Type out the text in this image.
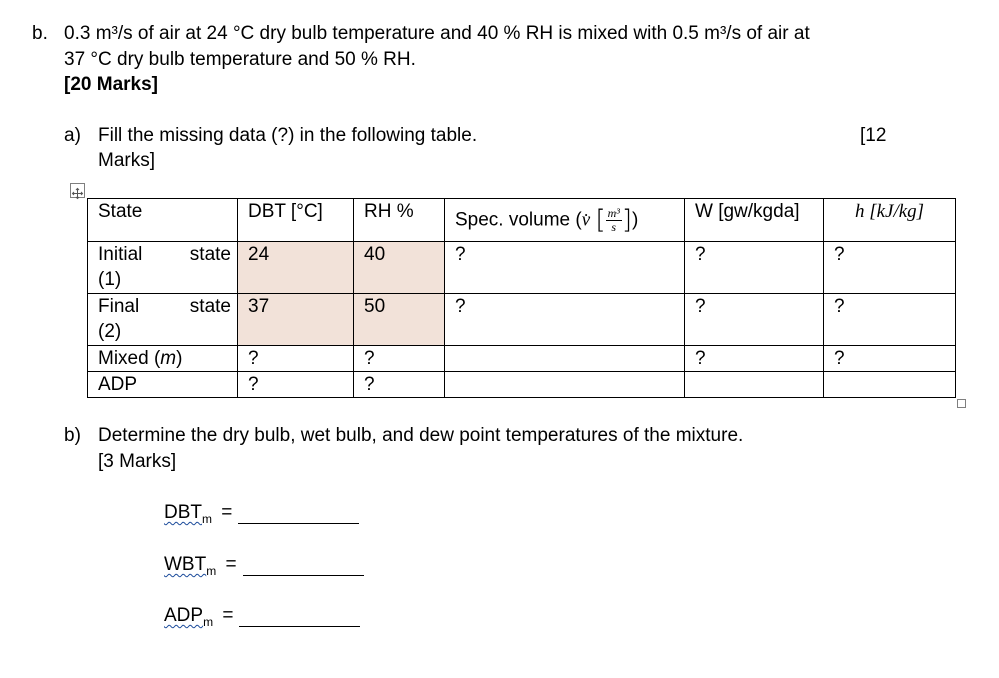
b. 0.3 m³/s of air at 24 °C dry bulb temperature and 40 % RH is mixed with 0.5 m³/s of air at
37 °C dry bulb temperature and 50 % RH.
[20 Marks]
a) Fill the missing data (?) in the following table.	[12
Marks]
State	DBT [°C]	RH %	Spec. volume (v̇ [ $\frac{\text{m³}}{s}$ ])	W [gw/kgda]	h [kJ/kg]

Initial state
(1)	24	40	?	?	?

Final state
(2)	37	50	?	?	?
Mixed (m)	?	?		?	?
ADP	?	?			
b) Determine the dry bulb, wet bulb, and dew point temperatures of the mixture.
[3 Marks]
$DBT_m$ =
$WBT_m$ =
$ADP_m$ =
